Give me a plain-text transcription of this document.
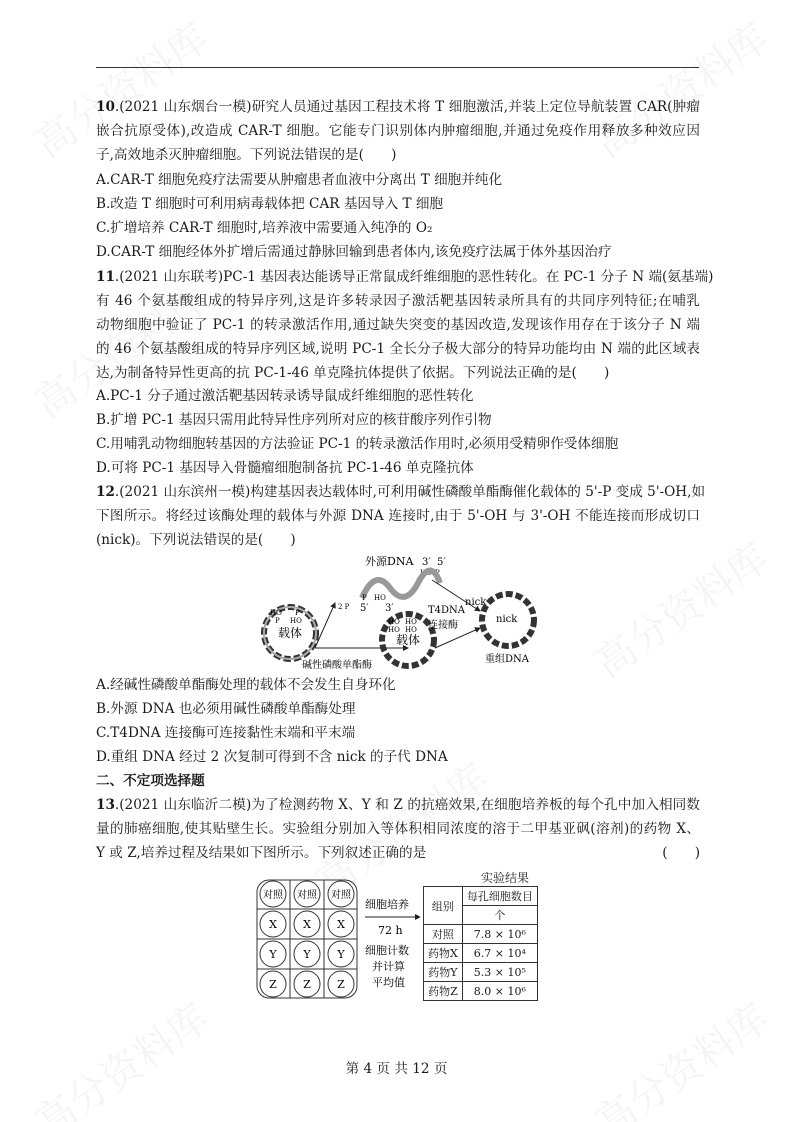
10.(2021 山东烟台一模)研究人员通过基因工程技术将 T 细胞激活,并装上定位导航装置 CAR(肿瘤
嵌合抗原受体),改造成 CAR-T 细胞。它能专门识别体内肿瘤细胞,并通过免疫作用释放多种效应因
子,高效地杀灭肿瘤细胞。下列说法错误的是(　　)
A.CAR-T 细胞免疫疗法需要从肿瘤患者血液中分离出 T 细胞并纯化
B.改造 T 细胞时可利用病毒载体把 CAR 基因导入 T 细胞
C.扩增培养 CAR-T 细胞时,培养液中需要通入纯净的 O₂
D.CAR-T 细胞经体外扩增后需通过静脉回输到患者体内,该免疫疗法属于体外基因治疗
11.(2021 山东联考)PC-1 基因表达能诱导正常鼠成纤维细胞的恶性转化。在 PC-1 分子 N 端(氨基端)
有 46 个氨基酸组成的特异序列,这是许多转录因子激活靶基因转录所具有的共同序列特征;在哺乳
动物细胞中验证了 PC-1 的转录激活作用,通过缺失突变的基因改造,发现该作用存在于该分子 N 端
的 46 个氨基酸组成的特异序列区域,说明 PC-1 全长分子极大部分的特异功能均由 N 端的此区域表
达,为制备特异性更高的抗 PC-1-46 单克隆抗体提供了依据。下列说法正确的是(　　)
A.PC-1 分子通过激活靶基因转录诱导鼠成纤维细胞的恶性转化
B.扩增 PC-1 基因只需用此特异性序列所对应的核苷酸序列作引物
C.用哺乳动物细胞转基因的方法验证 PC-1 的转录激活作用时,必须用受精卵作受体细胞
D.可将 PC-1 基因导入骨髓瘤细胞制备抗 PC-1-46 单克隆抗体
12.(2021 山东滨州一模)构建基因表达载体时,可利用碱性磷酸单酯酶催化载体的 5'-P 变成 5'-OH,如
下图所示。将经过该酶处理的载体与外源 DNA 连接时,由于 5'-OH 与 3'-OH 不能连接而形成切口
(nick)。下列说法错误的是(　　)
载体
HO P
P HO
2 P
外源DNA 3′ 5′
HO P
P HO
5′ 3′
载体
HO HO
HO HO
碱性磷酸单酯酶
T4DNA
连接酶
nick
nick
重组DNA
A.经碱性磷酸单酯酶处理的载体不会发生自身环化
B.外源 DNA 也必须用碱性磷酸单酯酶处理
C.T4DNA 连接酶可连接黏性末端和平末端
D.重组 DNA 经过 2 次复制可得到不含 nick 的子代 DNA
二、不定项选择题
13.(2021 山东临沂二模)为了检测药物 X、Y 和 Z 的抗癌效果,在细胞培养板的每个孔中加入相同数
量的肺癌细胞,使其贴壁生长。实验组分别加入等体积相同浓度的溶于二甲基亚砜(溶剂)的药物 X、
Y 或 Z,培养过程及结果如下图所示。下列叙述正确的是	(　　)
对照 对照 对照
X X X
Y Y Y
Z Z Z
细胞培养
72 h
细胞计数
并计算
平均值
实验结果
组别	每孔细胞数目
	个
对照	7.8 × 10⁶
药物X	6.7 × 10⁴
药物Y	5.3 × 10⁵
药物Z	8.0 × 10⁶
第 4 页 共 12 页
